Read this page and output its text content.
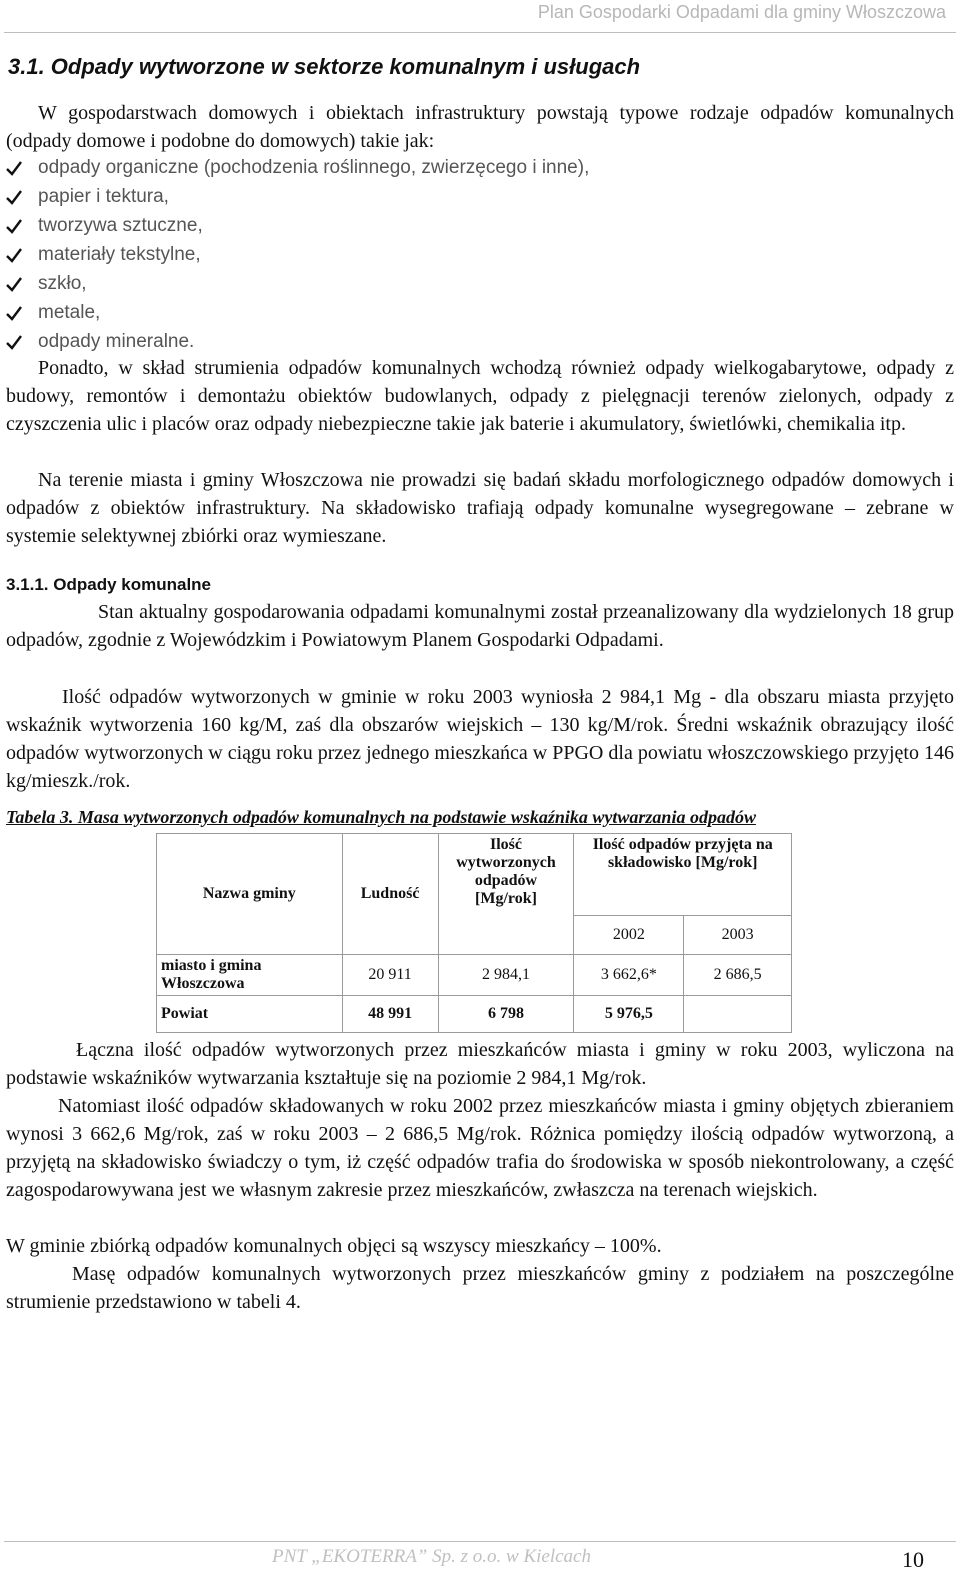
Plan Gospodarki Odpadami dla gminy Włoszczowa
3.1. Odpady wytworzone w sektorze komunalnym i usługach

W gospodarstwach domowych i obiektach infrastruktury powstają typowe rodzaje odpadów komunalnych (odpady domowe i podobne do domowych) takie jak:

odpady organiczne (pochodzenia roślinnego, zwierzęcego i inne),
papier i tektura,
tworzywa sztuczne,
materiały tekstylne,
szkło,
metale,
odpady mineralne.

Ponadto, w skład strumienia odpadów komunalnych wchodzą również odpady wielkogabarytowe, odpady z budowy, remontów i demontażu obiektów budowlanych, odpady z pielęgnacji terenów zielonych, odpady z czyszczenia ulic i placów oraz odpady niebezpieczne takie jak baterie i akumulatory, świetlówki, chemikalia itp.

Na terenie miasta i gminy Włoszczowa nie prowadzi się badań składu morfologicznego odpadów domowych i odpadów z obiektów infrastruktury. Na składowisko trafiają odpady komunalne wysegregowane – zebrane w systemie selektywnej zbiórki oraz wymieszane.

3.1.1. Odpady komunalne

Stan aktualny gospodarowania odpadami komunalnymi został przeanalizowany dla wydzielonych 18 grup odpadów, zgodnie z Wojewódzkim i Powiatowym Planem Gospodarki Odpadami.

Ilość odpadów wytworzonych w gminie w roku 2003 wyniosła 2 984,1 Mg - dla obszaru miasta przyjęto wskaźnik wytworzenia 160 kg/M, zaś dla obszarów wiejskich – 130 kg/M/rok. Średni wskaźnik obrazujący ilość odpadów wytworzonych w ciągu roku przez jednego mieszkańca w PPGO dla powiatu włoszczowskiego przyjęto 146 kg/mieszk./rok.

Tabela 3. Masa wytworzonych odpadów komunalnych na podstawie wskaźnika wytwarzania odpadów
Nazwa gminy	Ludność	Ilość wytworzonych odpadów [Mg/rok]	Ilość odpadów przyjęta na składowisko [Mg/rok]	
			2002	2003
miasto i gmina Włoszczowa	20 911	2 984,1	3 662,6*	2 686,5
Powiat	48 991	6 798	5 976,5	

Łączna ilość odpadów wytworzonych przez mieszkańców miasta i gminy w roku 2003, wyliczona na podstawie wskaźników wytwarzania kształtuje się na poziomie 2 984,1 Mg/rok.

Natomiast ilość odpadów składowanych w roku 2002 przez mieszkańców miasta i gminy objętych zbieraniem wynosi 3 662,6 Mg/rok, zaś w roku 2003 – 2 686,5 Mg/rok. Różnica pomiędzy ilością odpadów wytworzoną, a przyjętą na składowisko świadczy o tym, iż część odpadów trafia do środowiska w sposób niekontrolowany, a część zagospodarowywana jest we własnym zakresie przez mieszkańców, zwłaszcza na terenach wiejskich.

W gminie zbiórką odpadów komunalnych objęci są wszyscy mieszkańcy – 100%.

Masę odpadów komunalnych wytworzonych przez mieszkańców gminy z podziałem na poszczególne strumienie przedstawiono w tabeli 4.

PNT „EKOTERRA” Sp. z o.o. w Kielcach	10
